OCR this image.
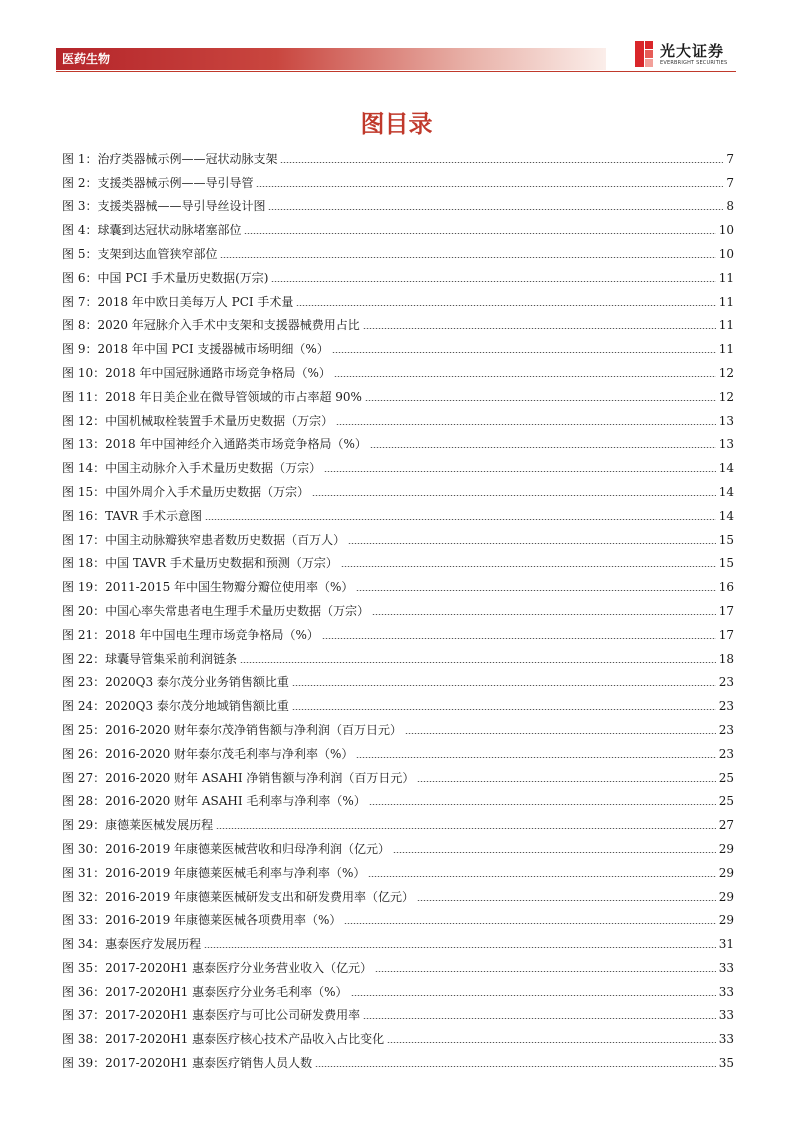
医药生物	光大证券
EVERBRIGHT SECURITIES
图目录
图 1：治疗类器械示例——冠状动脉支架	7
图 2：支援类器械示例——导引导管	7
图 3：支援类器械——导引导丝设计图	8
图 4：球囊到达冠状动脉堵塞部位	10
图 5：支架到达血管狭窄部位	10
图 6：中国 PCI 手术量历史数据(万宗)	11
图 7：2018 年中欧日美每万人 PCI 手术量	11
图 8：2020 年冠脉介入手术中支架和支援器械费用占比	11
图 9：2018 年中国 PCI 支援器械市场明细（%）	11
图 10：2018 年中国冠脉通路市场竞争格局（%）	12
图 11：2018 年日美企业在微导管领域的市占率超 90%	12
图 12：中国机械取栓装置手术量历史数据（万宗）	13
图 13：2018 年中国神经介入通路类市场竞争格局（%）	13
图 14：中国主动脉介入手术量历史数据（万宗）	14
图 15：中国外周介入手术量历史数据（万宗）	14
图 16：TAVR 手术示意图	14
图 17：中国主动脉瓣狭窄患者数历史数据（百万人）	15
图 18：中国 TAVR 手术量历史数据和预测（万宗）	15
图 19：2011-2015 年中国生物瓣分瓣位使用率（%）	16
图 20：中国心率失常患者电生理手术量历史数据（万宗）	17
图 21：2018 年中国电生理市场竞争格局（%）	17
图 22：球囊导管集采前利润链条	18
图 23：2020Q3 泰尔茂分业务销售额比重	23
图 24：2020Q3 泰尔茂分地域销售额比重	23
图 25：2016-2020 财年泰尔茂净销售额与净利润（百万日元）	23
图 26：2016-2020 财年泰尔茂毛利率与净利率（%）	23
图 27：2016-2020 财年 ASAHI 净销售额与净利润（百万日元）	25
图 28：2016-2020 财年 ASAHI 毛利率与净利率（%）	25
图 29：康德莱医械发展历程	27
图 30：2016-2019 年康德莱医械营收和归母净利润（亿元）	29
图 31：2016-2019 年康德莱医械毛利率与净利率（%）	29
图 32：2016-2019 年康德莱医械研发支出和研发费用率（亿元）	29
图 33：2016-2019 年康德莱医械各项费用率（%）	29
图 34：惠泰医疗发展历程	31
图 35：2017-2020H1 惠泰医疗分业务营业收入（亿元）	33
图 36：2017-2020H1 惠泰医疗分业务毛利率（%）	33
图 37：2017-2020H1 惠泰医疗与可比公司研发费用率	33
图 38：2017-2020H1 惠泰医疗核心技术产品收入占比变化	33
图 39：2017-2020H1 惠泰医疗销售人员人数	35
